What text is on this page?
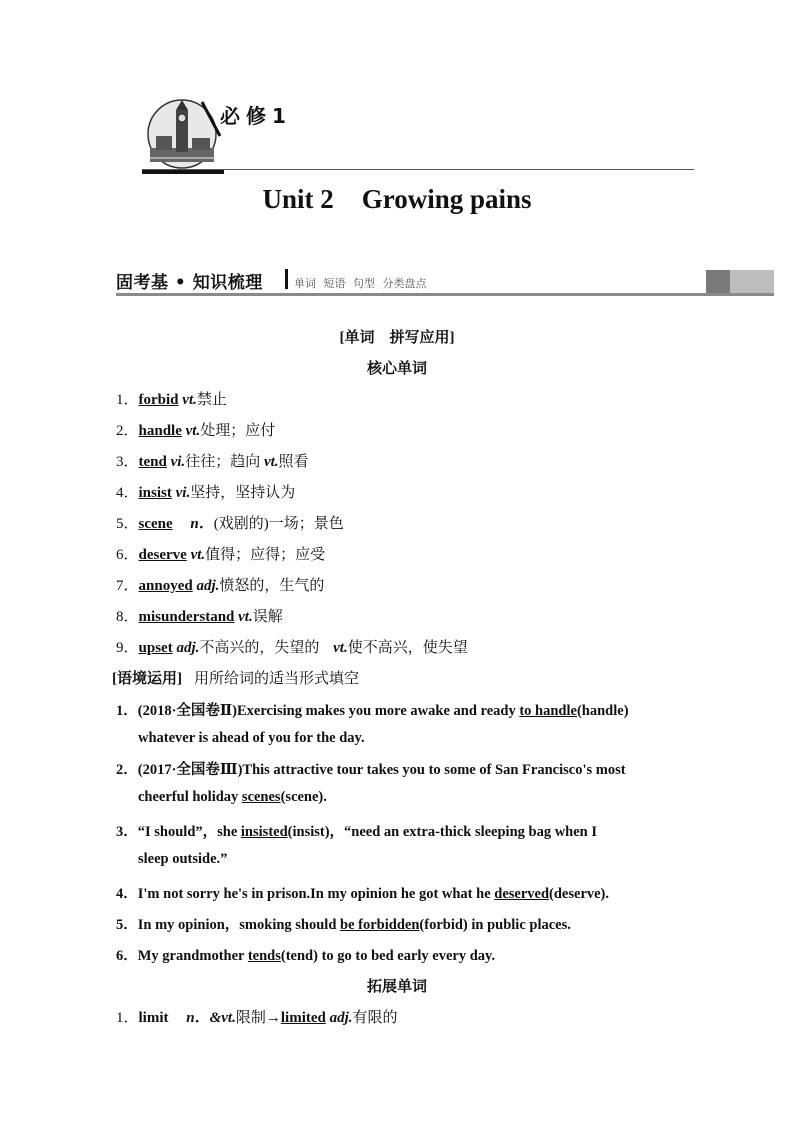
必修1
Unit 2 Growing pains
固考基 • 知识梳理	单词 短语 句型 分类盘点
[单词　拼写应用]
核心单词
1．forbid vt.禁止
2．handle vt.处理；应付
3．tend vi.往往；趋向 vt.照看
4．insist vi.坚持，坚持认为
5．scene n．(戏剧的)一场；景色
6．deserve vt.值得；应得；应受
7．annoyed adj.愤怒的，生气的
8．misunderstand vt.误解
9．upset adj.不高兴的，失望的 vt.使不高兴，使失望
[语境运用] 用所给词的适当形式填空
1．(2018·全国卷Ⅱ)Exercising makes you more awake and ready to handle(handle)
whatever is ahead of you for the day.
2．(2017·全国卷Ⅲ)This attractive tour takes you to some of San Francisco's most
cheerful holiday scenes(scene).
3．“I should”，she insisted(insist)，“need an extra-thick sleeping bag when I
sleep outside.”
4．I'm not sorry he's in prison.In my opinion he got what he deserved(deserve).
5．In my opinion，smoking should be forbidden(forbid) in public places.
6．My grandmother tends(tend) to go to bed early every day.
拓展单词
1．limit n．&vt.限制→limited adj.有限的
